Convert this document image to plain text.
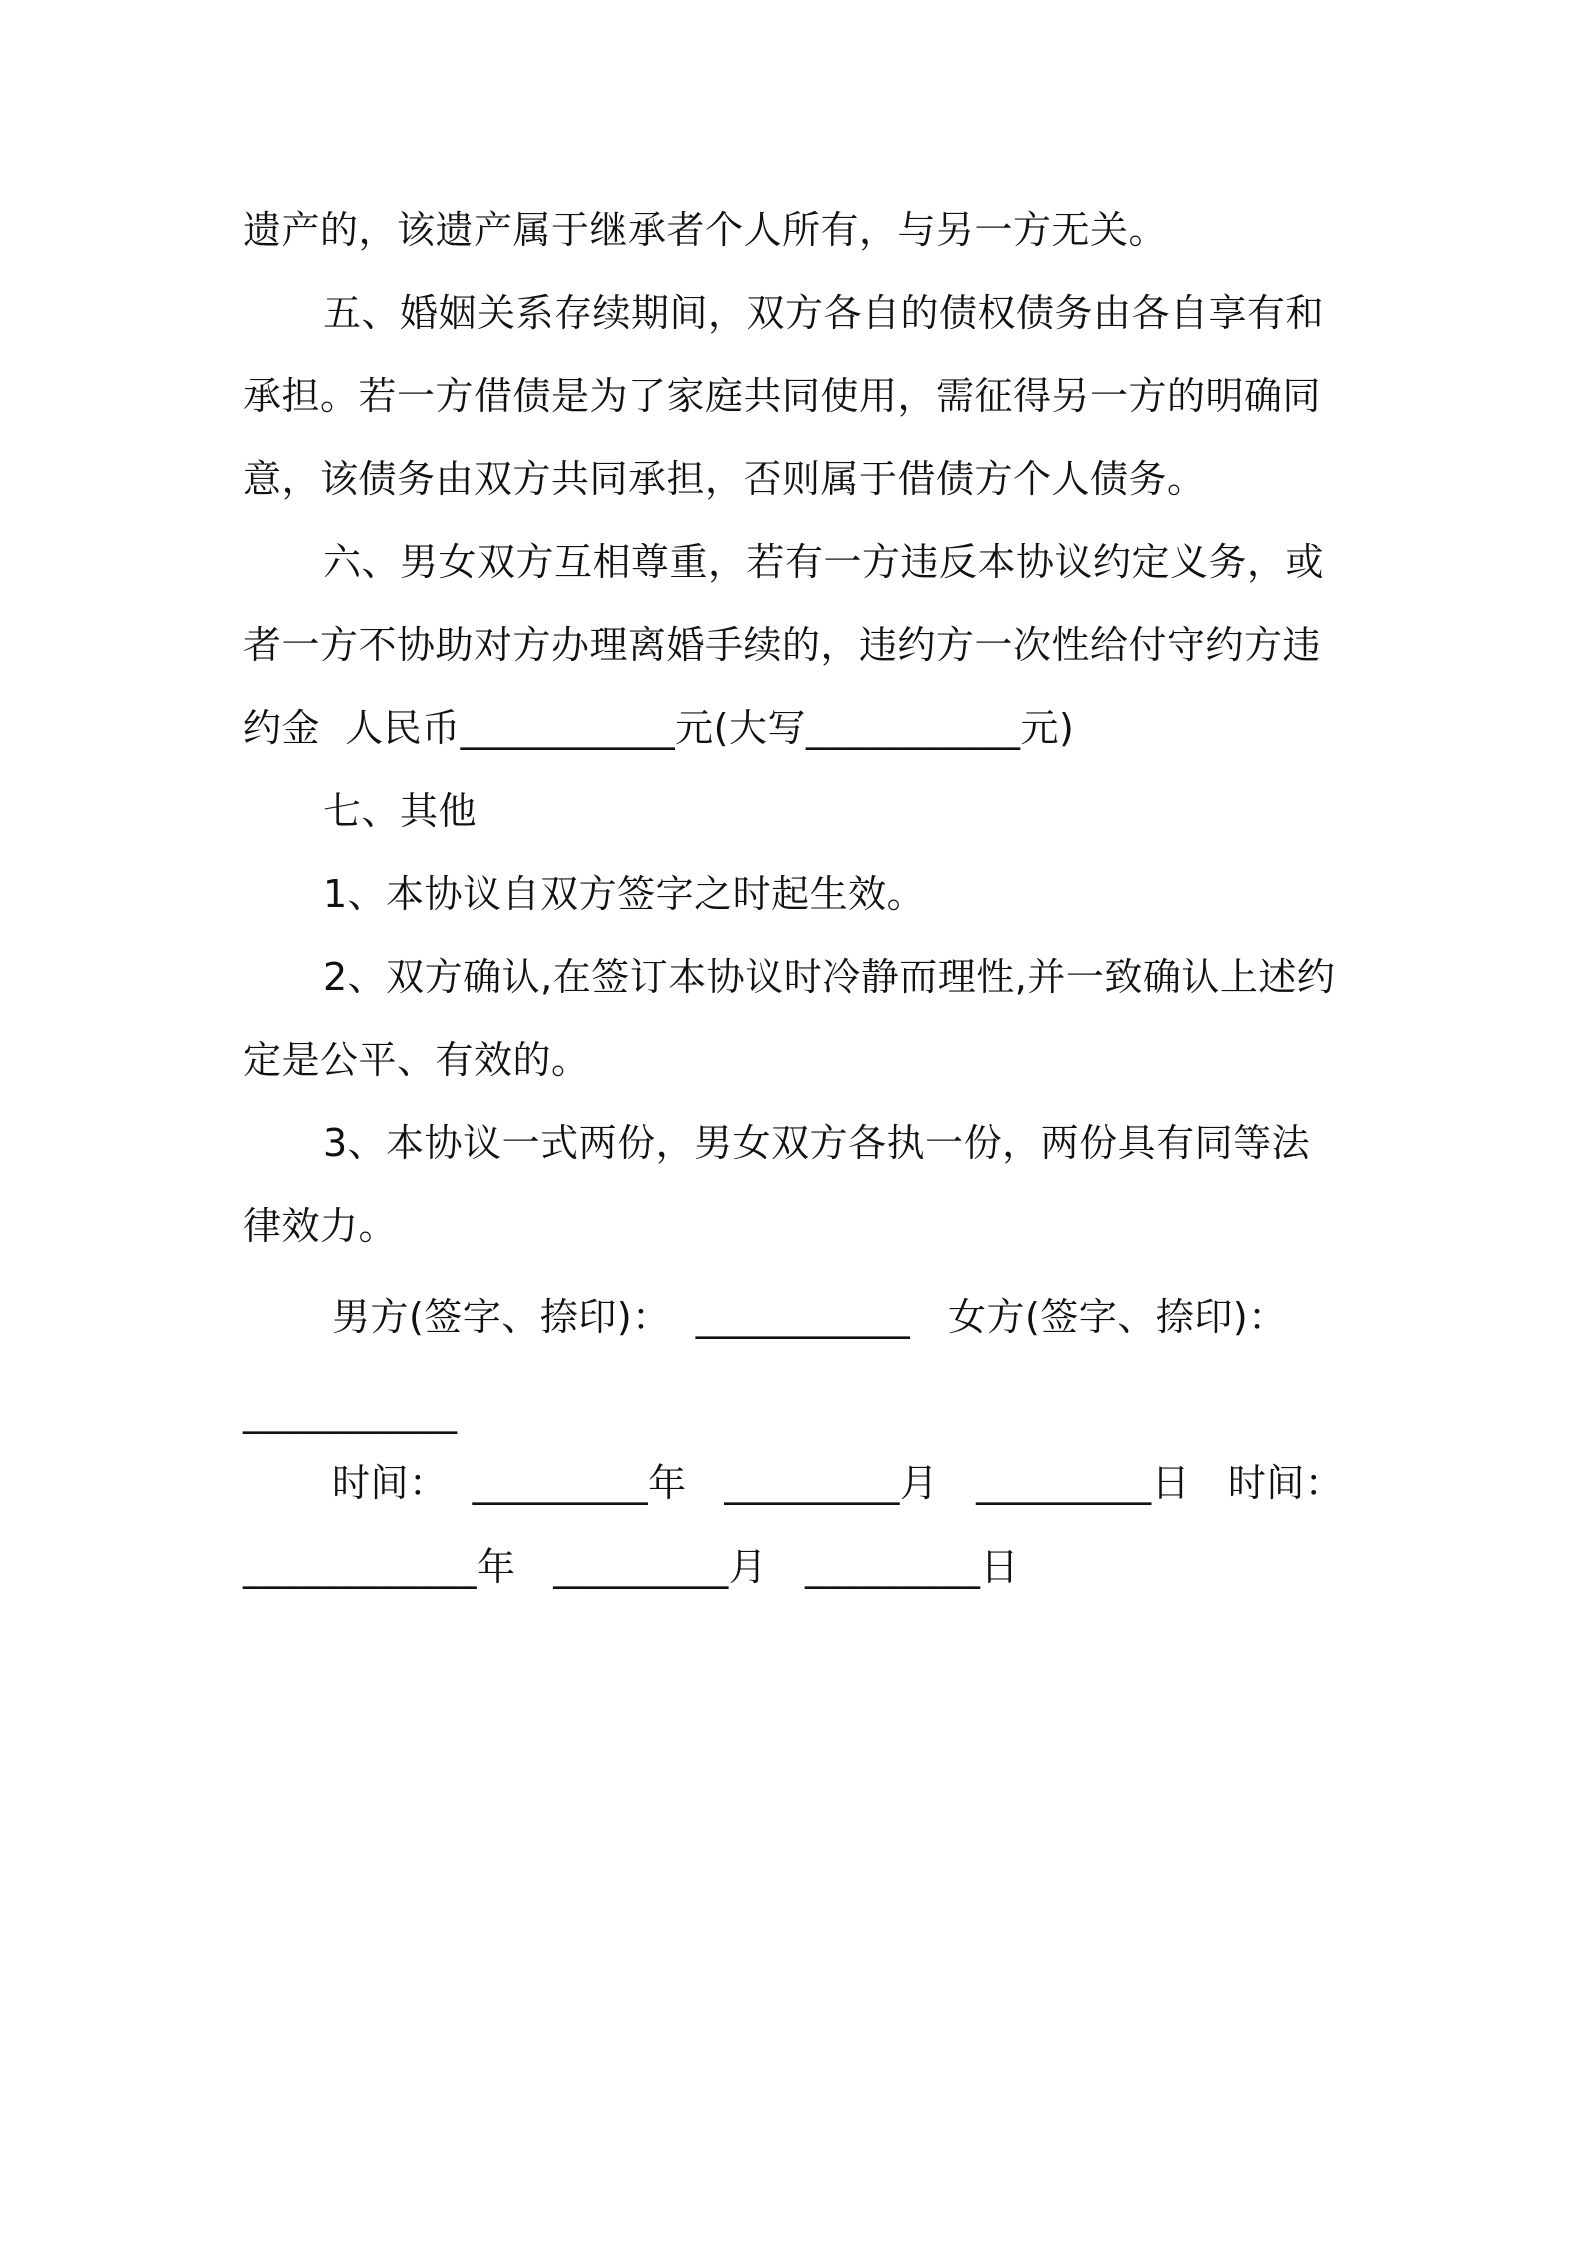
遗产的，该遗产属于继承者个人所有，与另一方无关。
五、婚姻关系存续期间，双方各自的债权债务由各自享有和
承担。若一方借债是为了家庭共同使用，需征得另一方的明确同
意，该债务由双方共同承担，否则属于借债方个人债务。
六、男女双方互相尊重，若有一方违反本协议约定义务，或
者一方不协助对方办理离婚手续的，违约方一次性给付守约方违
约金  人民币___________元(大写___________元)
七、其他
1、本协议自双方签字之时起生效。
2、双方确认,在签订本协议时冷静而理性,并一致确认上述约
定是公平、有效的。
3、本协议一式两份，男女双方各执一份，两份具有同等法
律效力。
男方(签字、捺印)：  ___________   女方(签字、捺印)：
___________
时间：  _________年   _________月   _________日   时间：
____________年   _________月   _________日
